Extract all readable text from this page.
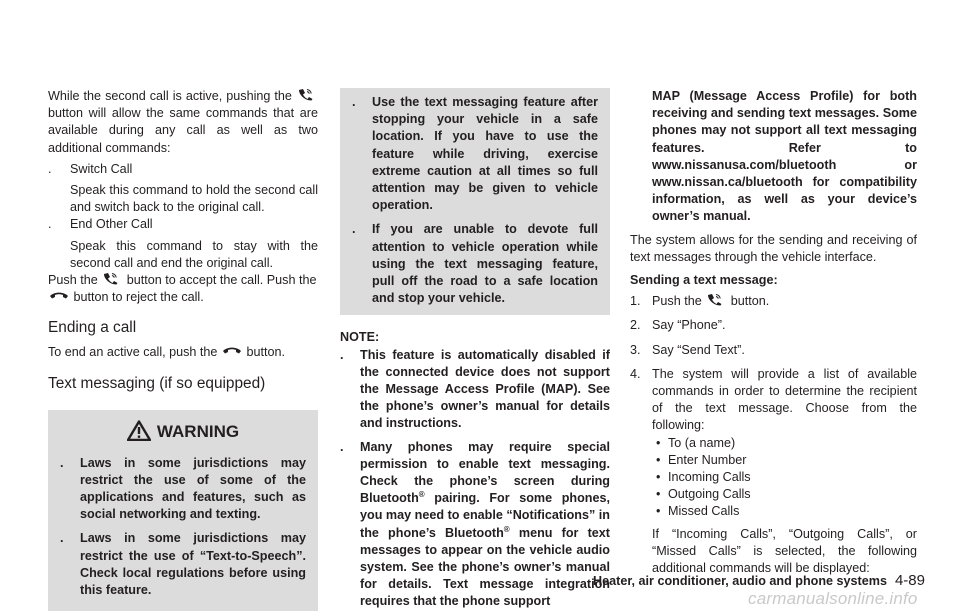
While the second call is active, pushing the
button will allow the same commands that are available during any call as well as two additional commands:

. Switch Call

Speak this command to hold the second call and switch back to the original call.

. End Other Call

Speak this command to stay with the second call and end the original call.

Push the button to accept the call. Push the

button to reject the call.

Ending a call

To end an active call, push the button.

Text messaging (if so equipped)
WARNING
. Laws in some jurisdictions may restrict the use of some of the applications and features, such as social networking and texting.
. Laws in some jurisdictions may restrict the use of “Text-to-Speech”. Check local regulations before using this feature.
. Use the text messaging feature after stopping your vehicle in a safe location. If you have to use the feature while driving, exercise extreme caution at all times so full attention may be given to vehicle operation.
. If you are unable to devote full attention to vehicle operation while using the text messaging feature, pull off the road to a safe location and stop your vehicle.

NOTE:

. This feature is automatically disabled if the connected device does not support the Message Access Profile (MAP). See the phone’s owner’s manual for details and instructions.
. Many phones may require special permission to enable text messaging. Check the phone’s screen during Bluetooth® pairing. For some phones, you may need to enable “Notifications” in the phone’s Bluetooth® menu for text messages to appear on the vehicle audio system. See the phone’s owner’s manual for details. Text message integration requires that the phone support

MAP (Message Access Profile) for both receiving and sending text messages. Some phones may not support all text messaging features. Refer to www.nissanusa.com/bluetooth or www.nissan.ca/bluetooth for compatibility information, as well as your device’s owner’s manual.

The system allows for the sending and receiving of text messages through the vehicle interface.

Sending a text message:

1. Push the button.
2. Say “Phone”.
3. Say “Send Text”.
4. The system will provide a list of available commands in order to determine the recipient of the text message. Choose from the following:
• To (a name)
• Enter Number
• Incoming Calls
• Outgoing Calls
• Missed Calls

If “Incoming Calls”, “Outgoing Calls”, or “Missed Calls” is selected, the following additional commands will be displayed:

Heater, air conditioner, audio and phone systems 4-89
carmanualsonline.info
